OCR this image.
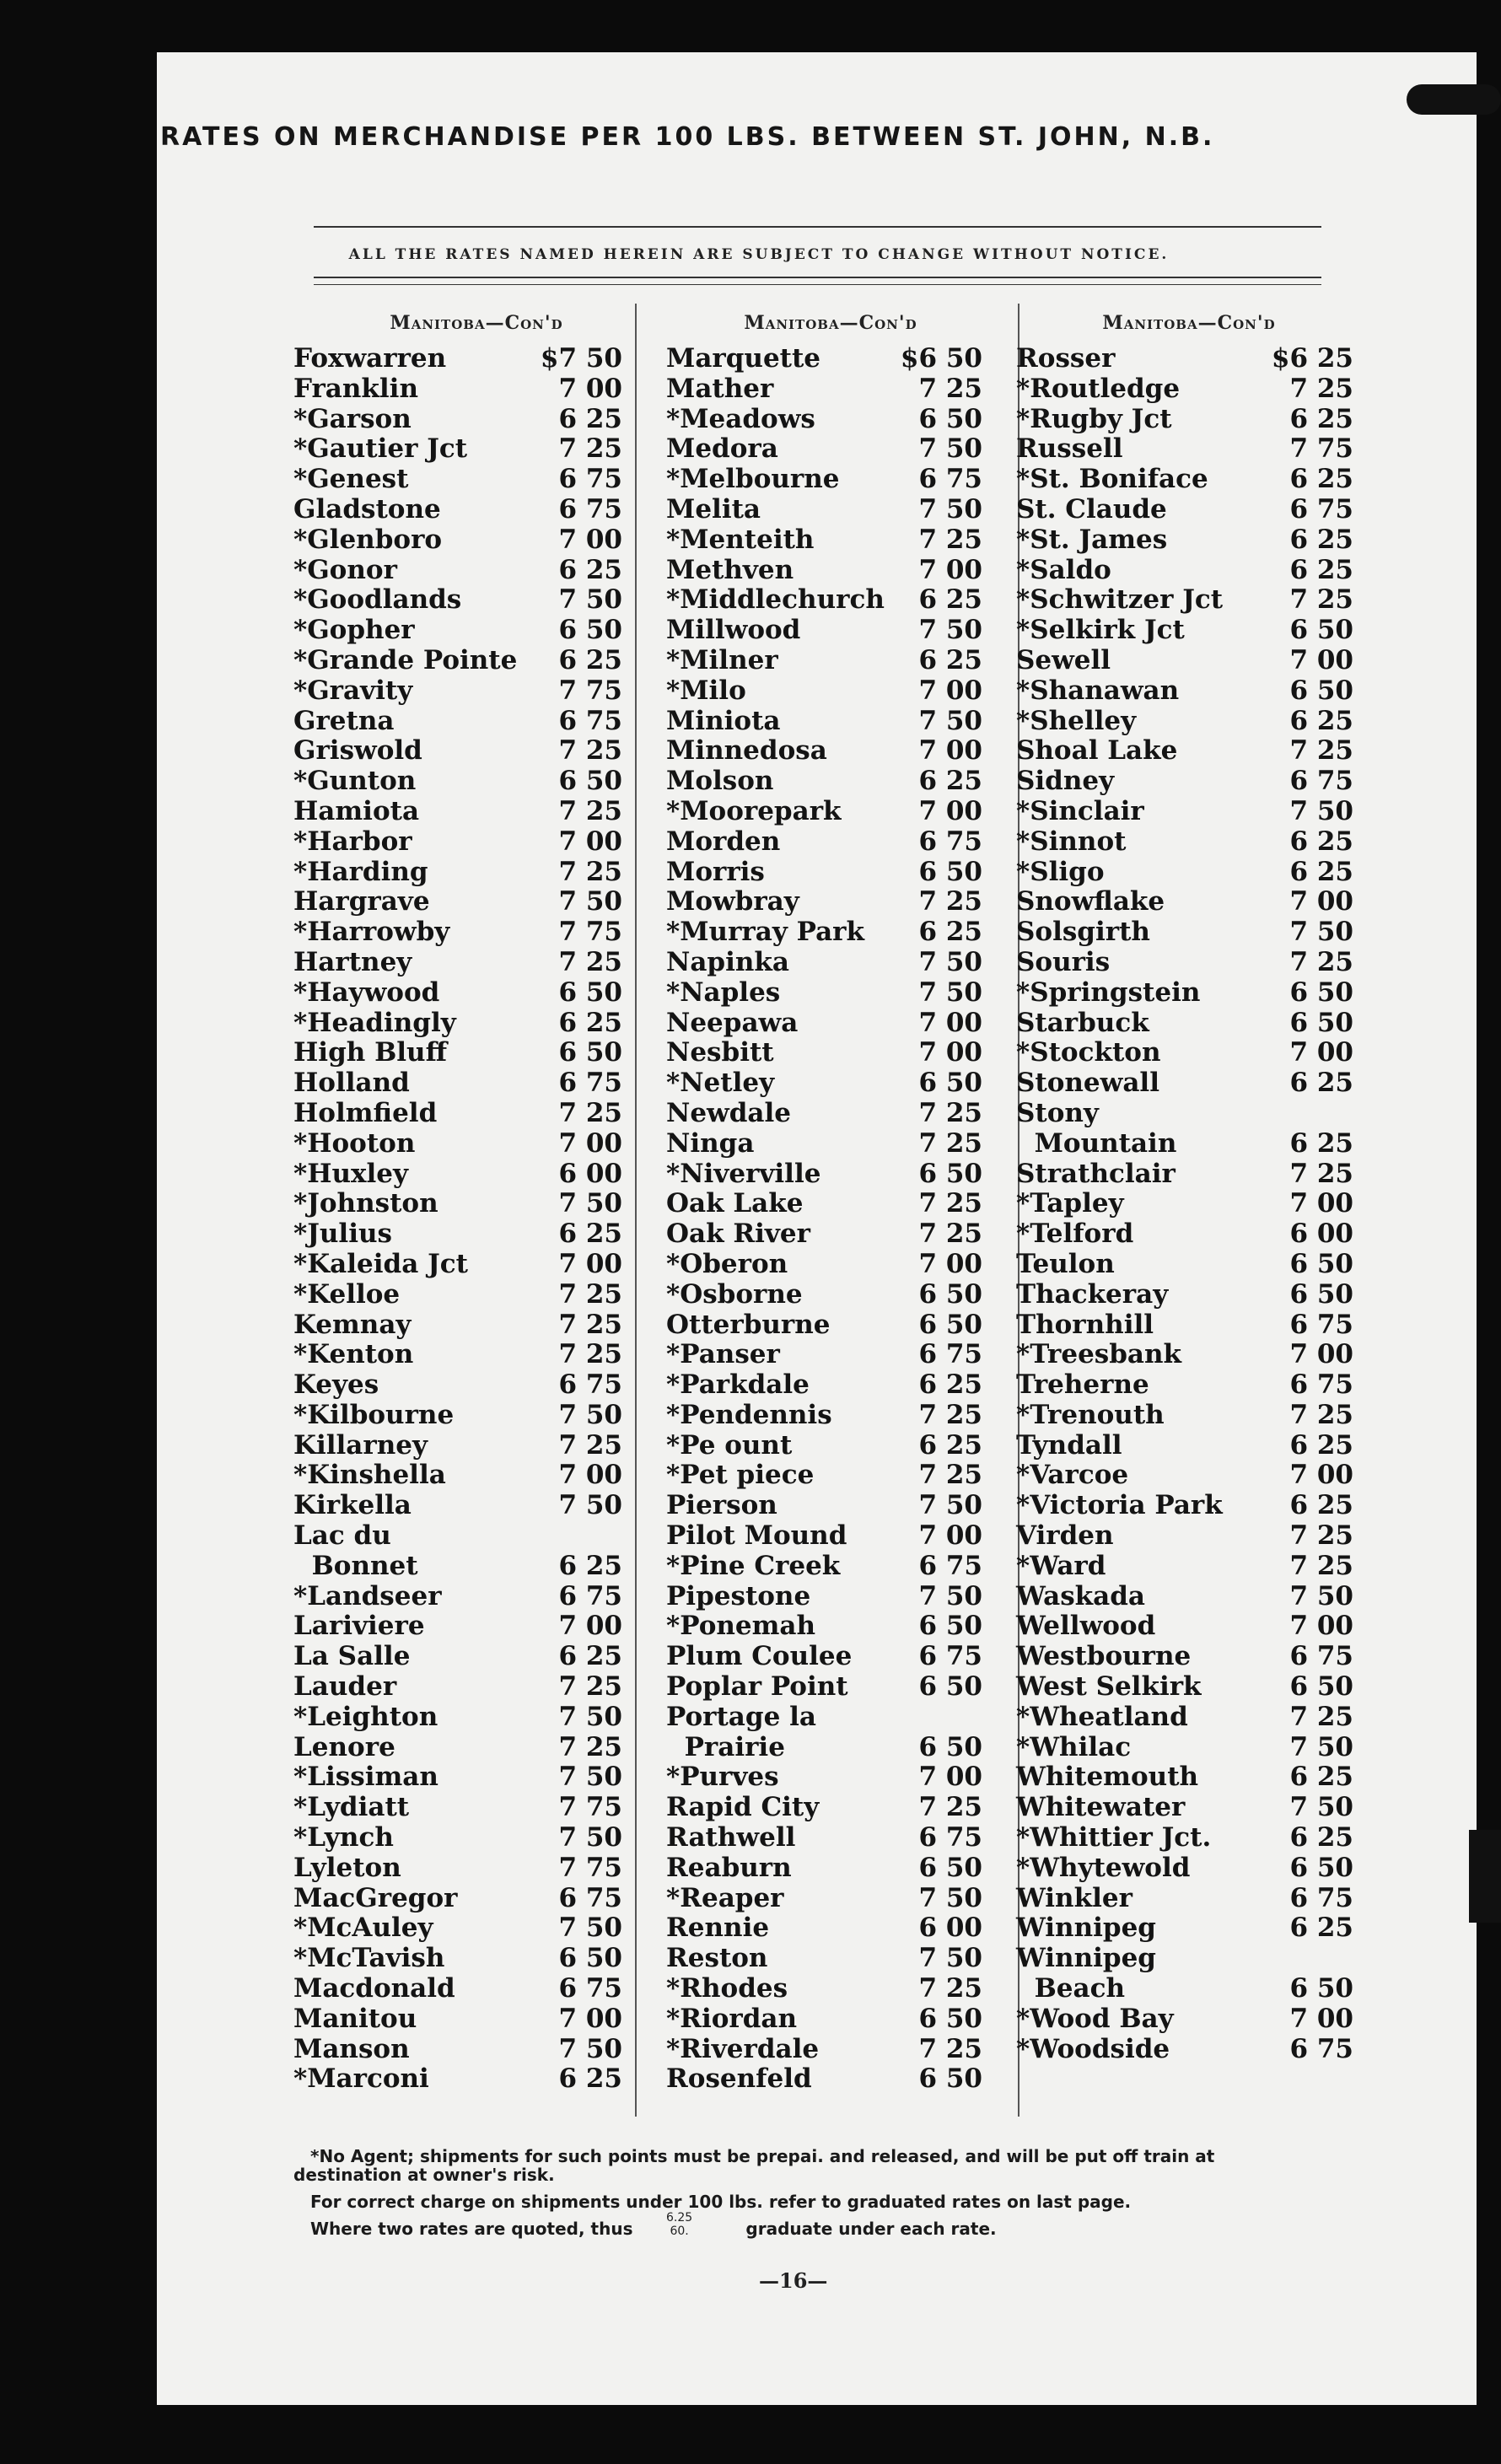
RATES ON MERCHANDISE PER 100 LBS. BETWEEN ST. JOHN, N.B.
ALL THE RATES NAMED HEREIN ARE SUBJECT TO CHANGE WITHOUT NOTICE.
Manitoba—Con'd	Manitoba—Con'd	Manitoba—Con'd
Foxwarren	$7 50
Franklin	7 00
*Garson	6 25
*Gautier Jct	7 25
*Genest	6 75
Gladstone	6 75
*Glenboro	7 00
*Gonor	6 25
*Goodlands	7 50
*Gopher	6 50
*Grande Pointe	6 25
*Gravity	7 75
Gretna	6 75
Griswold	7 25
*Gunton	6 50
Hamiota	7 25
*Harbor	7 00
*Harding	7 25
Hargrave	7 50
*Harrowby	7 75
Hartney	7 25
*Haywood	6 50
*Headingly	6 25
High Bluff	6 50
Holland	6 75
Holmfield	7 25
*Hooton	7 00
*Huxley	6 00
*Johnston	7 50
*Julius	6 25
*Kaleida Jct	7 00
*Kelloe	7 25
Kemnay	7 25
*Kenton	7 25
Keyes	6 75
*Kilbourne	7 50
Killarney	7 25
*Kinshella	7 00
Kirkella	7 50
Lac du
Bonnet	6 25
*Landseer	6 75
Lariviere	7 00
La Salle	6 25
Lauder	7 25
*Leighton	7 50
Lenore	7 25
*Lissiman	7 50
*Lydiatt	7 75
*Lynch	7 50
Lyleton	7 75
MacGregor	6 75
*McAuley	7 50
*McTavish	6 50
Macdonald	6 75
Manitou	7 00
Manson	7 50
*Marconi	6 25
Marquette	$6 50
Mather	7 25
*Meadows	6 50
Medora	7 50
*Melbourne	6 75
Melita	7 50
*Menteith	7 25
Methven	7 00
*Middlechurch	6 25
Millwood	7 50
*Milner	6 25
*Milo	7 00
Miniota	7 50
Minnedosa	7 00
Molson	6 25
*Moorepark	7 00
Morden	6 75
Morris	6 50
Mowbray	7 25
*Murray Park	6 25
Napinka	7 50
*Naples	7 50
Neepawa	7 00
Nesbitt	7 00
*Netley	6 50
Newdale	7 25
Ninga	7 25
*Niverville	6 50
Oak Lake	7 25
Oak River	7 25
*Oberon	7 00
*Osborne	6 50
Otterburne	6 50
*Panser	6 75
*Parkdale	6 25
*Pendennis	7 25
*Pe ount	6 25
*Pet piece	7 25
Pierson	7 50
Pilot Mound	7 00
*Pine Creek	6 75
Pipestone	7 50
*Ponemah	6 50
Plum Coulee	6 75
Poplar Point	6 50
Portage la
Prairie	6 50
*Purves	7 00
Rapid City	7 25
Rathwell	6 75
Reaburn	6 50
*Reaper	7 50
Rennie	6 00
Reston	7 50
*Rhodes	7 25
*Riordan	6 50
*Riverdale	7 25
Rosenfeld	6 50
Rosser	$6 25
*Routledge	7 25
*Rugby Jct	6 25
Russell	7 75
*St. Boniface	6 25
St. Claude	6 75
*St. James	6 25
*Saldo	6 25
*Schwitzer Jct	7 25
*Selkirk Jct	6 50
Sewell	7 00
*Shanawan	6 50
*Shelley	6 25
Shoal Lake	7 25
Sidney	6 75
*Sinclair	7 50
*Sinnot	6 25
*Sligo	6 25
Snowflake	7 00
Solsgirth	7 50
Souris	7 25
*Springstein	6 50
Starbuck	6 50
*Stockton	7 00
Stonewall	6 25
Stony
Mountain	6 25
Strathclair	7 25
*Tapley	7 00
*Telford	6 00
Teulon	6 50
Thackeray	6 50
Thornhill	6 75
*Treesbank	7 00
Treherne	6 75
*Trenouth	7 25
Tyndall	6 25
*Varcoe	7 00
*Victoria Park	6 25
Virden	7 25
*Ward	7 25
Waskada	7 50
Wellwood	7 00
Westbourne	6 75
West Selkirk	6 50
*Wheatland	7 25
*Whilac	7 50
Whitemouth	6 25
Whitewater	7 50
*Whittier Jct.	6 25
*Whytewold	6 50
Winkler	6 75
Winnipeg	6 25
Winnipeg
Beach	6 50
*Wood Bay	7 00
*Woodside	6 75
*No Agent; shipments for such points must be prepai. and released, and will be put off train at
destination at owner's risk.
For correct charge on shipments under 100 lbs. refer to graduated rates on last page.
Where two rates are quoted, thus	graduate under each rate.
6.25
60.
—16—
